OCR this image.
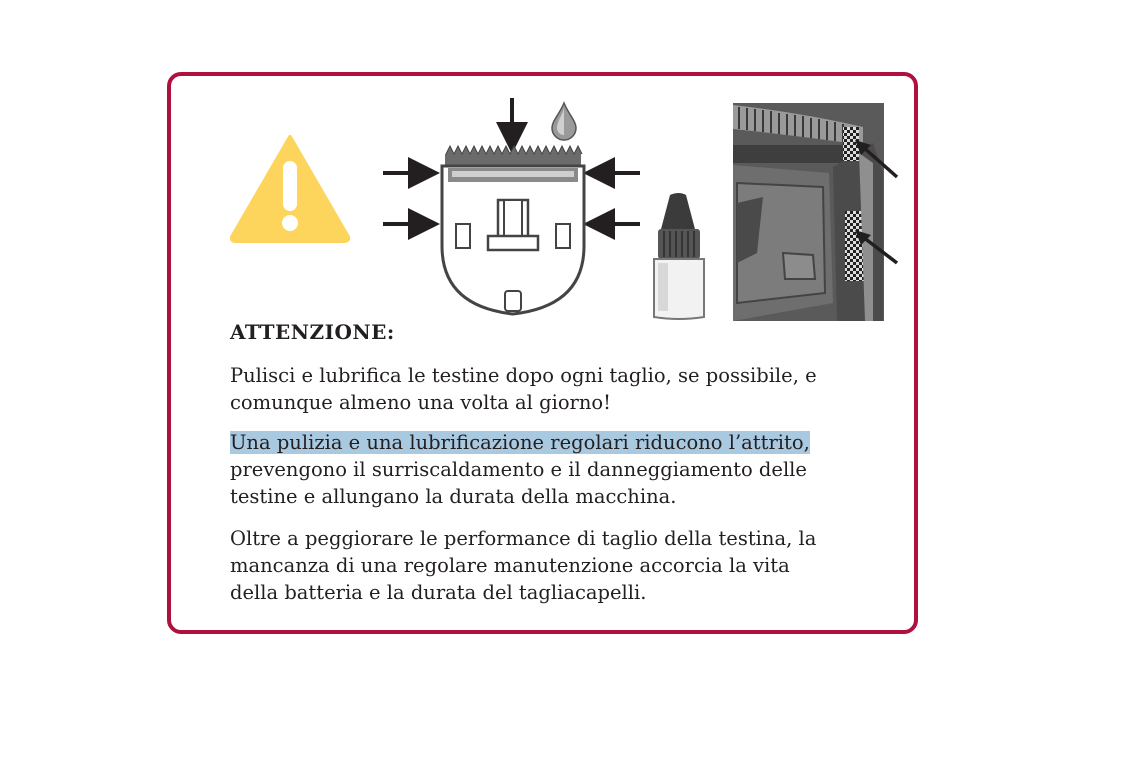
ATTENZIONE:

Pulisci e lubrifica le testine dopo ogni taglio, se possibile, e
comunque almeno una volta al giorno!

Una pulizia e una lubrificazione regolari riducono l’attrito,
prevengono il surriscaldamento e il danneggiamento delle
testine e allungano la durata della macchina.

Oltre a peggiorare le performance di taglio della testina, la
mancanza di una regolare manutenzione accorcia la vita
della batteria e la durata del tagliacapelli.
